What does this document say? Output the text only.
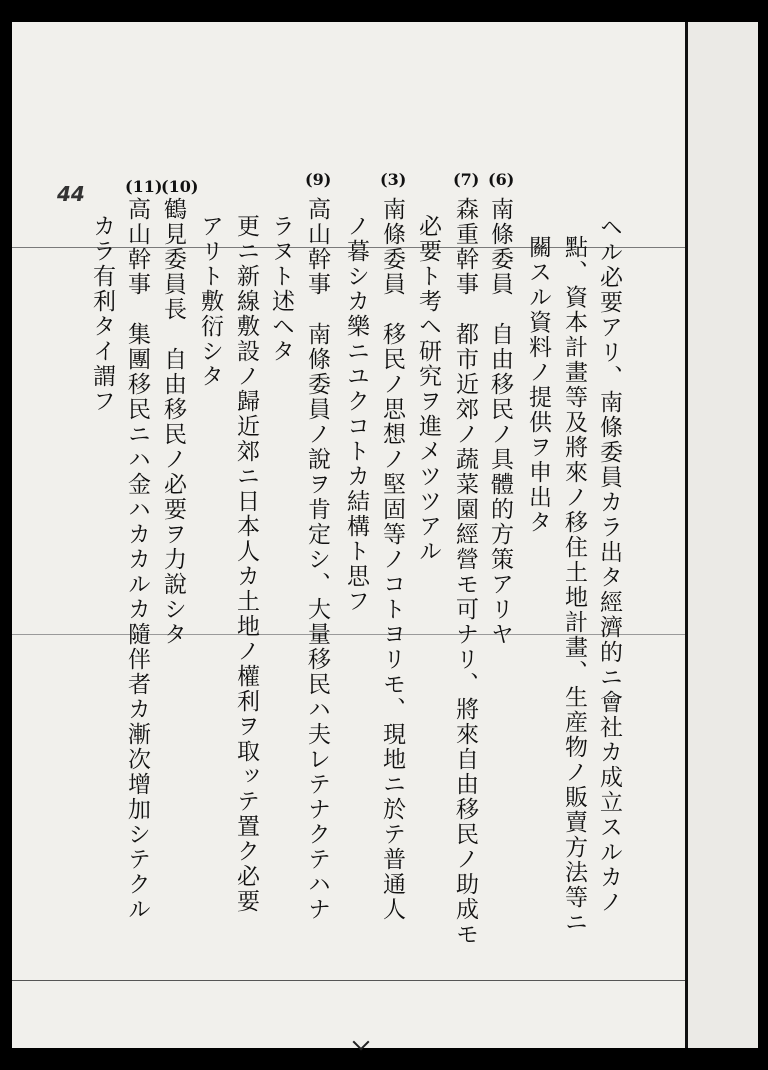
44
(6)
(7)
(3)
(9)
(10)
(11)
ヘル必要アリ、南條委員カラ出タ經濟的ニ會社カ成立スルカノ
點、資本計畫等及將來ノ移住土地計畫、生産物ノ販賣方法等ニ
關スル資料ノ提供ヲ申出タ
南條委員　自由移民ノ具體的方策アリヤ
森重幹事　都市近郊ノ蔬菜園經營モ可ナリ、將來自由移民ノ助成モ
必要ト考ヘ研究ヲ進メツツアル
南條委員　移民ノ思想ノ堅固等ノコトヨリモ、現地ニ於テ普通人
ノ暮シカ樂ニユクコトカ結構ト思フ
高山幹事　南條委員ノ說ヲ肯定シ、大量移民ハ夫レテナクテハナ
ラヌト述ヘタ
更ニ新線敷設ノ歸近郊ニ日本人カ土地ノ權利ヲ取ッテ置ク必要
アリト敷衍シタ
鶴見委員長　自由移民ノ必要ヲ力說シタ
高山幹事　集團移民ニハ金ハカカルカ隨伴者カ漸次增加シテクル
カラ有利タイ謂フ
